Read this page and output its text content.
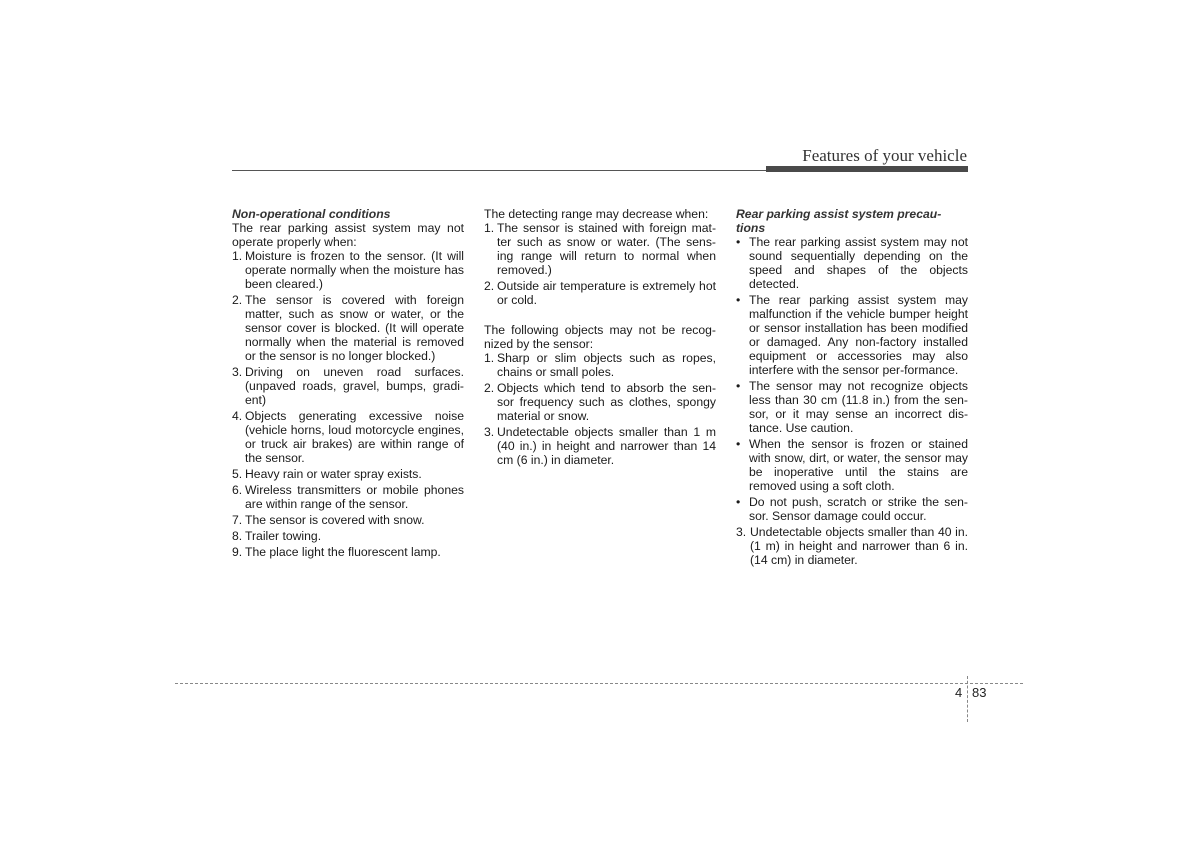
Features of your vehicle
Non-operational conditions

The rear parking assist system may not operate properly when:

1. Moisture is frozen to the sensor. (It will operate normally when the moisture has been cleared.)
2. The sensor is covered with foreign matter, such as snow or water, or the sensor cover is blocked. (It will operate normally when the material is removed or the sensor is no longer blocked.)
3. Driving on uneven road surfaces. (unpaved roads, gravel, bumps, gradi-ent)
4. Objects generating excessive noise (vehicle horns, loud motorcycle engines, or truck air brakes) are within range of the sensor.
5. Heavy rain or water spray exists.
6. Wireless transmitters or mobile phones are within range of the sensor.
7. The sensor is covered with snow.
8. Trailer towing.
9. The place light the fluorescent lamp.

The detecting range may decrease when:

1. The sensor is stained with foreign mat-ter such as snow or water. (The sens-ing range will return to normal when removed.)
2. Outside air temperature is extremely hot or cold.

The following objects may not be recog-nized by the sensor:

1. Sharp or slim objects such as ropes, chains or small poles.
2. Objects which tend to absorb the sen-sor frequency such as clothes, spongy material or snow.
3. Undetectable objects smaller than 1 m (40 in.) in height and narrower than 14 cm (6 in.) in diameter.
Rear parking assist system precau-tions
• The rear parking assist system may not sound sequentially depending on the speed and shapes of the objects detected.
• The rear parking assist system may malfunction if the vehicle bumper height or sensor installation has been modified or damaged. Any non-factory installed equipment or accessories may also interfere with the sensor per-formance.
• The sensor may not recognize objects less than 30 cm (11.8 in.) from the sen-sor, or it may sense an incorrect dis-tance. Use caution.
• When the sensor is frozen or stained with snow, dirt, or water, the sensor may be inoperative until the stains are removed using a soft cloth.
• Do not push, scratch or strike the sen-sor. Sensor damage could occur.
3. Undetectable objects smaller than 40 in. (1 m) in height and narrower than 6 in. (14 cm) in diameter.
4 83
